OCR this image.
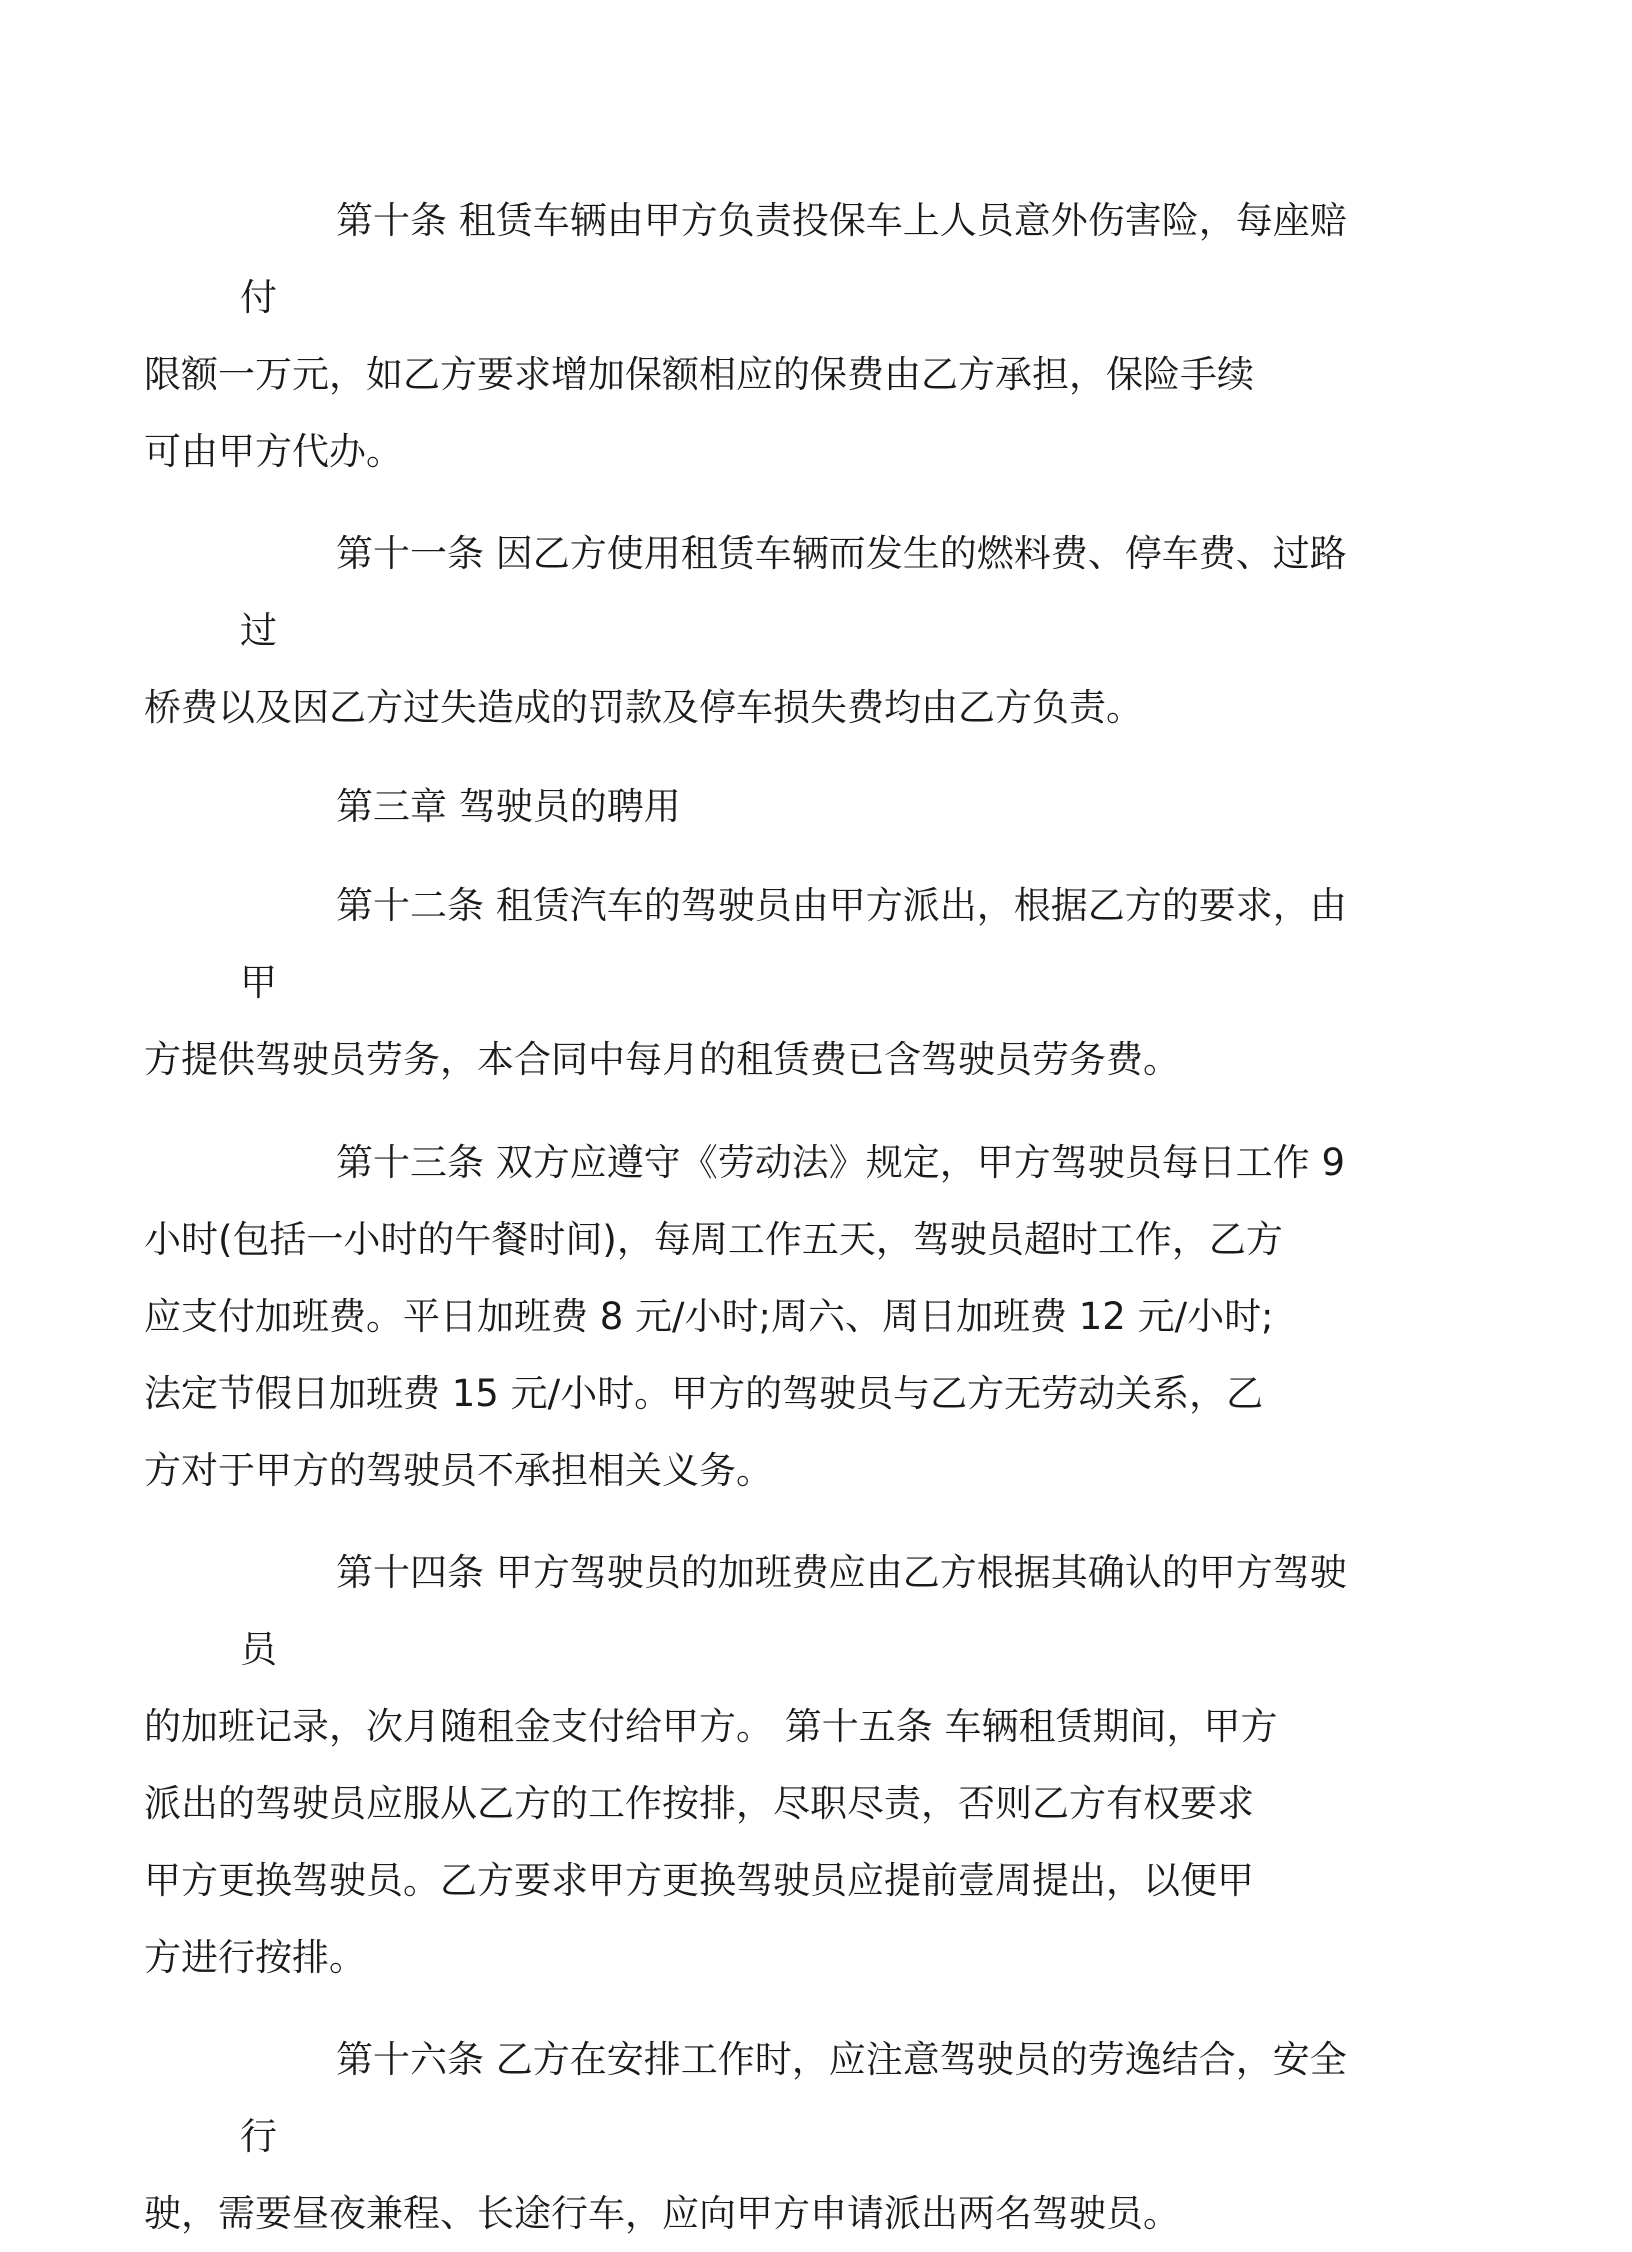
第十条 租赁车辆由甲方负责投保车上人员意外伤害险，每座赔付
限额一万元，如乙方要求增加保额相应的保费由乙方承担，保险手续
可由甲方代办。

第十一条 因乙方使用租赁车辆而发生的燃料费、停车费、过路过
桥费以及因乙方过失造成的罚款及停车损失费均由乙方负责。

第三章 驾驶员的聘用

第十二条 租赁汽车的驾驶员由甲方派出，根据乙方的要求，由甲
方提供驾驶员劳务，本合同中每月的租赁费已含驾驶员劳务费。

第十三条 双方应遵守《劳动法》规定，甲方驾驶员每日工作 9
小时(包括一小时的午餐时间)，每周工作五天，驾驶员超时工作，乙方
应支付加班费。平日加班费 8 元/小时;周六、周日加班费 12 元/小时;
法定节假日加班费 15 元/小时。甲方的驾驶员与乙方无劳动关系，乙
方对于甲方的驾驶员不承担相关义务。

第十四条 甲方驾驶员的加班费应由乙方根据其确认的甲方驾驶员
的加班记录，次月随租金支付给甲方。 第十五条 车辆租赁期间，甲方
派出的驾驶员应服从乙方的工作按排，尽职尽责，否则乙方有权要求
甲方更换驾驶员。乙方要求甲方更换驾驶员应提前壹周提出，以便甲
方进行按排。

第十六条 乙方在安排工作时，应注意驾驶员的劳逸结合，安全行
驶，需要昼夜兼程、长途行车，应向甲方申请派出两名驾驶员。
